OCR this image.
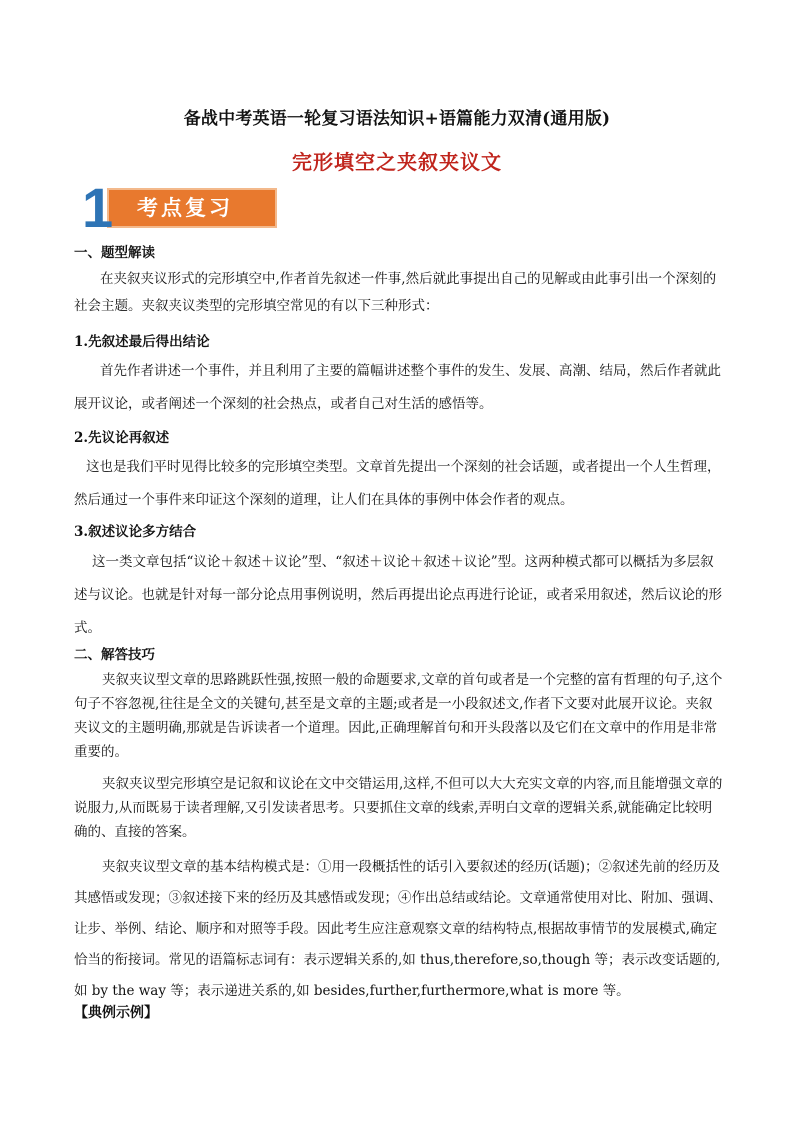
备战中考英语一轮复习语法知识+语篇能力双清(通用版)
完形填空之夹叙夹议文
考点复习
1
一、题型解读
在夹叙夹议形式的完形填空中,作者首先叙述一件事,然后就此事提出自己的见解或由此事引出一个深刻的社会主题。夹叙夹议类型的完形填空常见的有以下三种形式：
1.先叙述最后得出结论
首先作者讲述一个事件，并且利用了主要的篇幅讲述整个事件的发生、发展、高潮、结局，然后作者就此展开议论，或者阐述一个深刻的社会热点，或者自己对生活的感悟等。
2.先议论再叙述
这也是我们平时见得比较多的完形填空类型。文章首先提出一个深刻的社会话题，或者提出一个人生哲理，然后通过一个事件来印证这个深刻的道理，让人们在具体的事例中体会作者的观点。
3.叙述议论多方结合
这一类文章包括“议论＋叙述＋议论”型、“叙述＋议论＋叙述＋议论”型。这两种模式都可以概括为多层叙述与议论。也就是针对每一部分论点用事例说明，然后再提出论点再进行论证，或者采用叙述，然后议论的形式。
二、解答技巧
夹叙夹议型文章的思路跳跃性强,按照一般的命题要求,文章的首句或者是一个完整的富有哲理的句子,这个句子不容忽视,往往是全文的关键句,甚至是文章的主题;或者是一小段叙述文,作者下文要对此展开议论。夹叙夹议文的主题明确,那就是告诉读者一个道理。因此,正确理解首句和开头段落以及它们在文章中的作用是非常重要的。
夹叙夹议型完形填空是记叙和议论在文中交错运用,这样,不但可以大大充实文章的内容,而且能增强文章的说服力,从而既易于读者理解,又引发读者思考。只要抓住文章的线索,弄明白文章的逻辑关系,就能确定比较明确的、直接的答案。
夹叙夹议型文章的基本结构模式是：①用一段概括性的话引入要叙述的经历(话题)；②叙述先前的经历及其感悟或发现；③叙述接下来的经历及其感悟或发现；④作出总结或结论。文章通常使用对比、附加、强调、让步、举例、结论、顺序和对照等手段。因此考生应注意观察文章的结构特点,根据故事情节的发展模式,确定恰当的衔接词。常见的语篇标志词有：表示逻辑关系的,如 thus,therefore,so,though 等；表示改变话题的,如 by the way 等；表示递进关系的,如 besides,further,furthermore,what is more 等。
【典例示例】
